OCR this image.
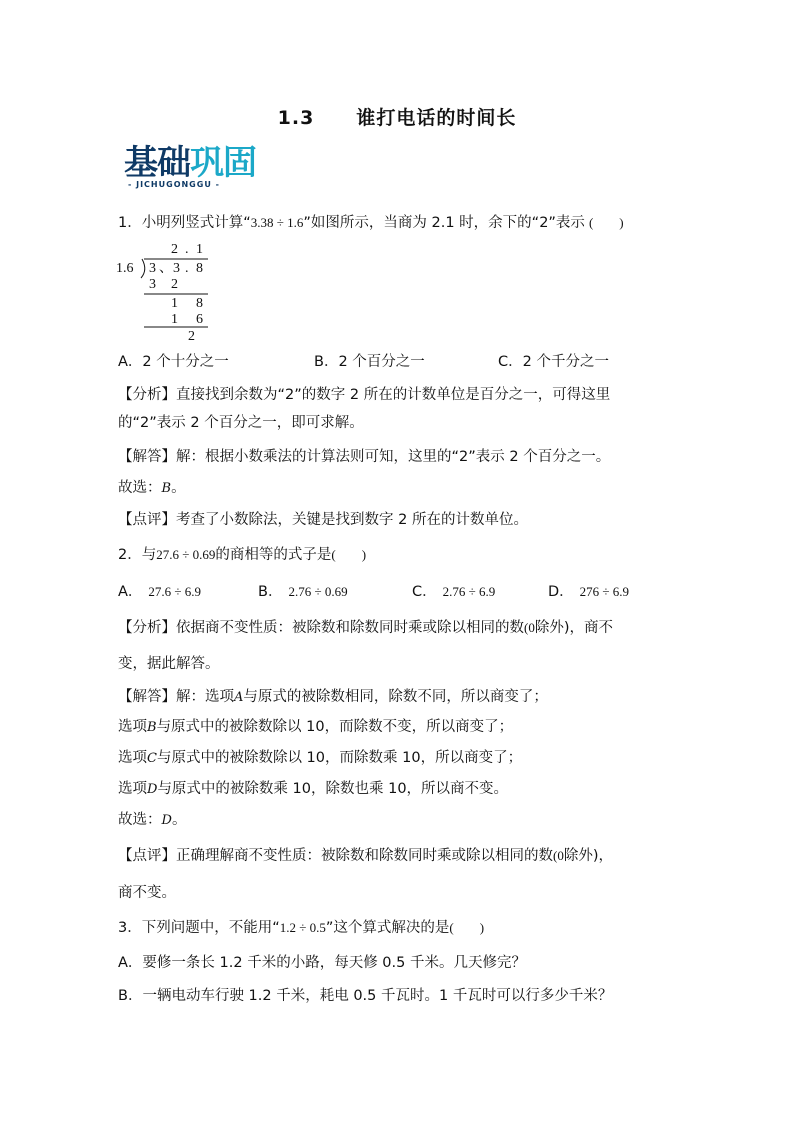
1.3 谁打电话的时间长
基础巩固
- JICHUGONGGU -
1．小明列竖式计算“3.38 ÷ 1.6”如图所示，当商为 2.1 时，余下的“2”表示 (　　)
2 . 1
1.6 3 、3 . 8
3 2
1 8
1 6
2
A．2 个十分之一	B．2 个百分之一	C．2 个千分之一
【分析】直接找到余数为“2”的数字 2 所在的计数单位是百分之一，可得这里
的“2”表示 2 个百分之一，即可求解。
【解答】解：根据小数乘法的计算法则可知，这里的“2”表示 2 个百分之一。
故选：B。
【点评】考查了小数除法，关键是找到数字 2 所在的计数单位。
2．与27.6 ÷ 0.69的商相等的式子是(　　)
A． 27.6 ÷ 6.9	B． 2.76 ÷ 0.69	C． 2.76 ÷ 6.9	D． 276 ÷ 6.9
【分析】依据商不变性质：被除数和除数同时乘或除以相同的数(0除外)，商不
变，据此解答。
【解答】解：选项A与原式的被除数相同，除数不同，所以商变了；
选项B与原式中的被除数除以 10，而除数不变，所以商变了；
选项C与原式中的被除数除以 10，而除数乘 10，所以商变了；
选项D与原式中的被除数乘 10，除数也乘 10，所以商不变。
故选：D。
【点评】正确理解商不变性质：被除数和除数同时乘或除以相同的数(0除外)，
商不变。
3．下列问题中，不能用“1.2 ÷ 0.5”这个算式解决的是(　　)
A．要修一条长 1.2 千米的小路，每天修 0.5 千米。几天修完？
B．一辆电动车行驶 1.2 千米，耗电 0.5 千瓦时。1 千瓦时可以行多少千米？
